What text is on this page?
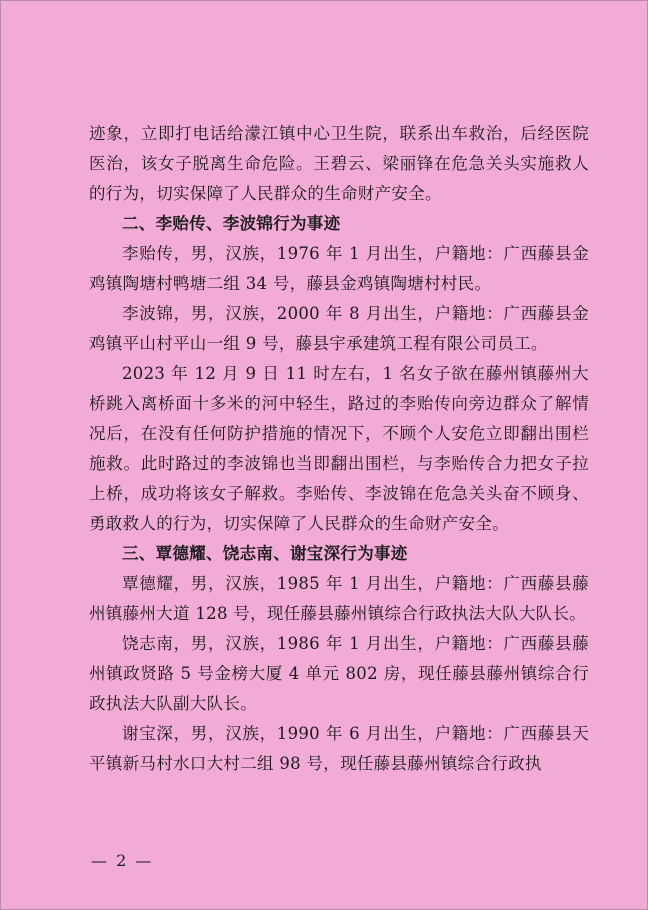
迹象，立即打电话给濛江镇中心卫生院，联系出车救治，后经医院医治，该女子脱离生命危险。王碧云、梁丽锋在危急关头实施救人的行为，切实保障了人民群众的生命财产安全。

二、李贻传、李波锦行为事迹

李贻传，男，汉族，1976 年 1 月出生，户籍地：广西藤县金鸡镇陶塘村鸭塘二组 34 号，藤县金鸡镇陶塘村村民。

李波锦，男，汉族，2000 年 8 月出生，户籍地：广西藤县金鸡镇平山村平山一组 9 号，藤县宇承建筑工程有限公司员工。

2023 年 12 月 9 日 11 时左右，1 名女子欲在藤州镇藤州大桥跳入离桥面十多米的河中轻生，路过的李贻传向旁边群众了解情况后，在没有任何防护措施的情况下，不顾个人安危立即翻出围栏施救。此时路过的李波锦也当即翻出围栏，与李贻传合力把女子拉上桥，成功将该女子解救。李贻传、李波锦在危急关头奋不顾身、勇敢救人的行为，切实保障了人民群众的生命财产安全。

三、覃德耀、饶志南、谢宝深行为事迹

覃德耀，男，汉族，1985 年 1 月出生，户籍地：广西藤县藤州镇藤州大道 128 号，现任藤县藤州镇综合行政执法大队大队长。

饶志南，男，汉族，1986 年 1 月出生，户籍地：广西藤县藤州镇政贤路 5 号金榜大厦 4 单元 802 房，现任藤县藤州镇综合行政执法大队副大队长。

谢宝深，男，汉族，1990 年 6 月出生，户籍地：广西藤县天平镇新马村水口大村二组 98 号，现任藤县藤州镇综合行政执

— 2 —
